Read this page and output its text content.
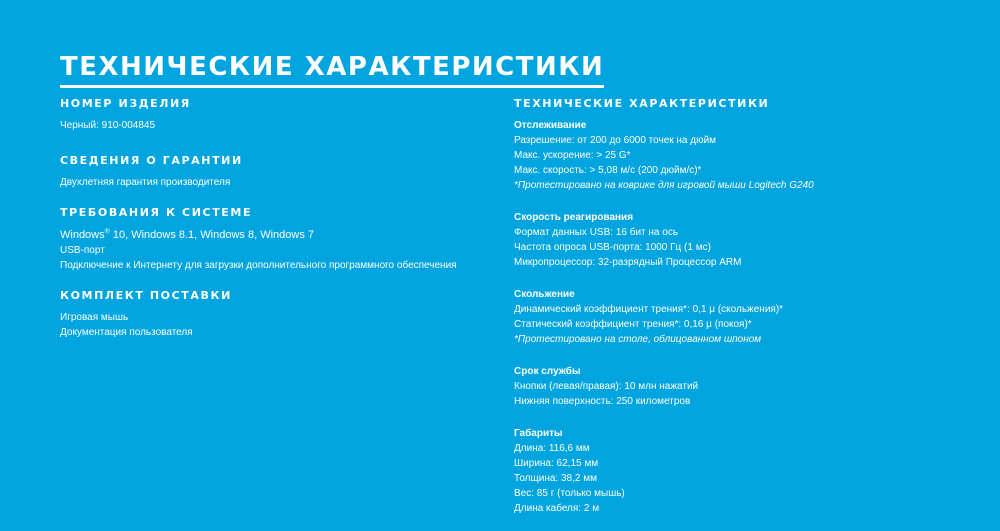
ТЕХНИЧЕСКИЕ ХАРАКТЕРИСТИКИ
НОМЕР ИЗДЕЛИЯ
Черный: 910-004845
СВЕДЕНИЯ О ГАРАНТИИ
Двухлетняя гарантия производителя
ТРЕБОВАНИЯ К СИСТЕМЕ
Windows® 10, Windows 8.1, Windows 8, Windows 7
USB-порт
Подключение к Интернету для загрузки дополнительного программного обеспечения
КОМПЛЕКТ ПОСТАВКИ
Игровая мышь
Документация пользователя
ТЕХНИЧЕСКИЕ ХАРАКТЕРИСТИКИ
Отслеживание
Разрешение: от 200 до 6000 точек на дюйм
Макс. ускорение: > 25 G*
Макс. скорость: > 5,08 м/с (200 дюйм/с)*
*Протестировано на коврике для игровой мыши Logitech G240
Скорость реагирования
Формат данных USB: 16 бит на ось
Частота опроса USB-порта: 1000 Гц (1 мс)
Микропроцессор: 32-разрядный Процессор ARM
Скольжение
Динамический коэффициент трения*: 0,1 μ (скольжения)*
Статический коэффициент трения*: 0,16 μ (покоя)*
*Протестировано на столе, облицованном шпоном
Срок службы
Кнопки (левая/правая): 10 млн нажатий
Нижняя поверхность: 250 километров
Габариты
Длина: 116,6 мм
Ширина: 62,15 мм
Толщина: 38,2 мм
Вес: 85 г (только мышь)
Длина кабеля: 2 м
